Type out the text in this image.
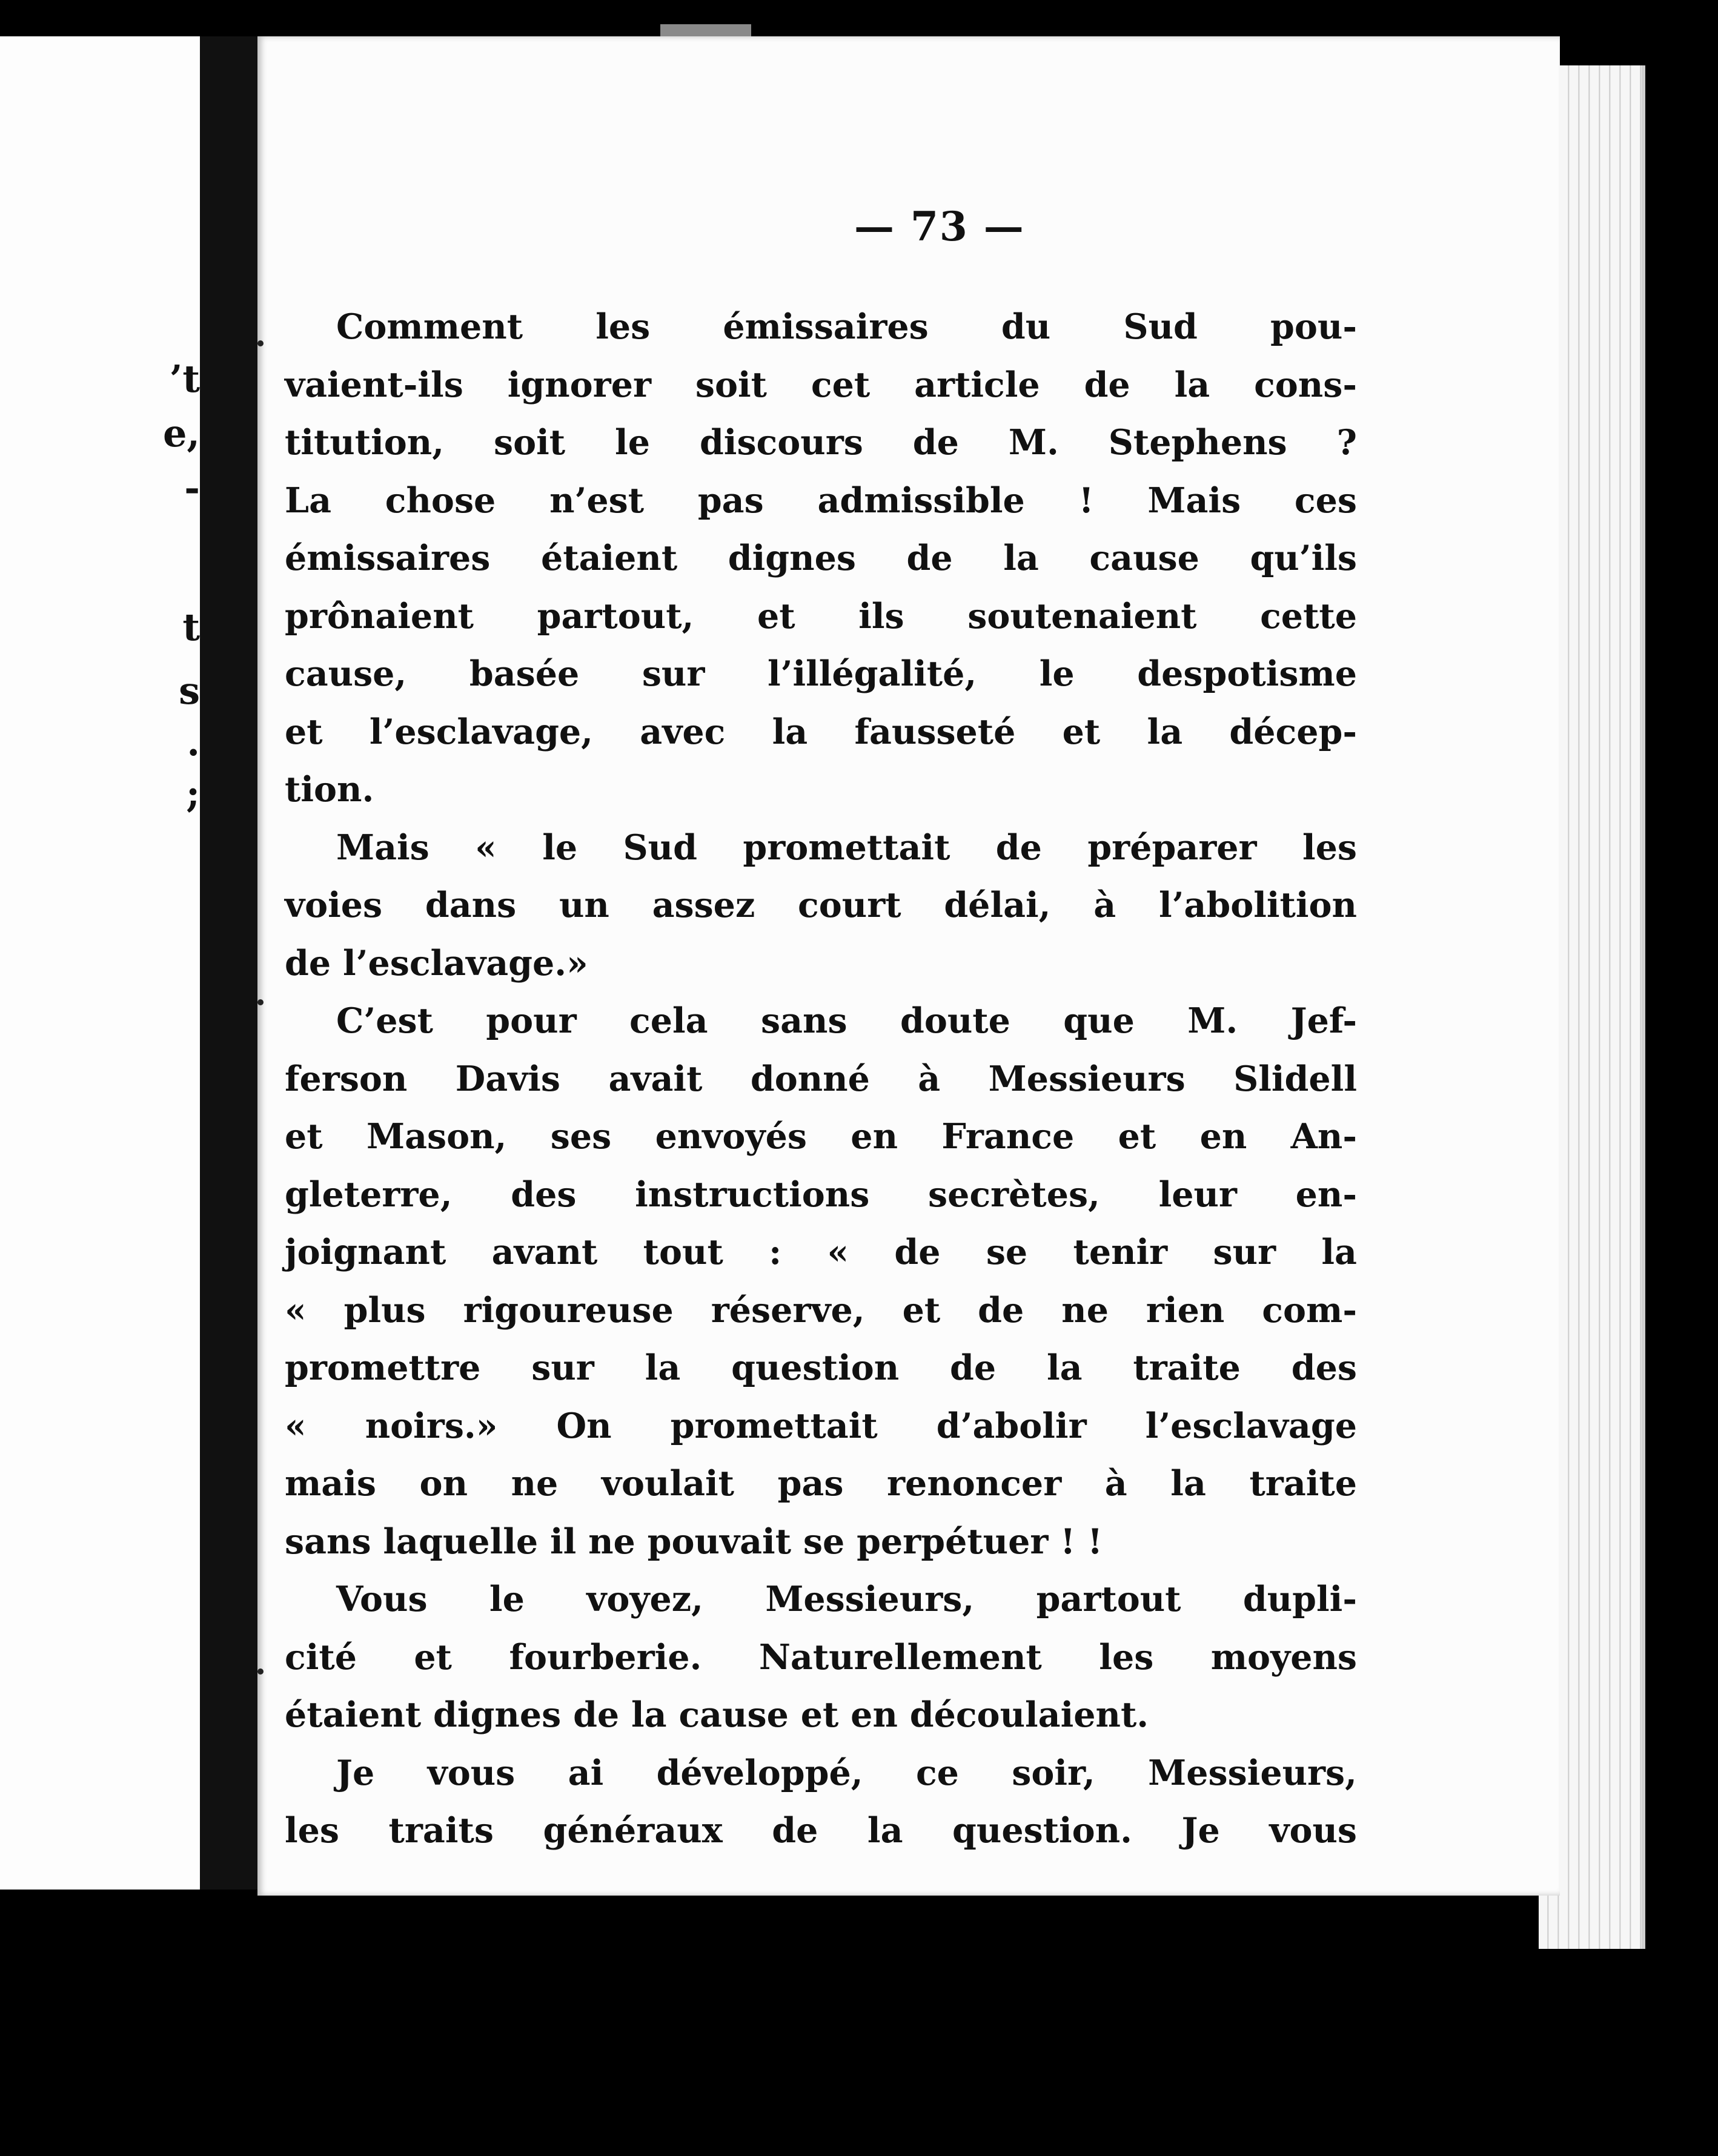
’t
e,
-
t
s
.
;
— 73 —
Comment les émissaires du Sud pou-
vaient-ils ignorer soit cet article de la cons-
titution, soit le discours de M. Stephens ?
La chose n’est pas admissible ! Mais ces
émissaires étaient dignes de la cause qu’ils
prônaient partout, et ils soutenaient cette
cause, basée sur l’illégalité, le despotisme
et l’esclavage, avec la fausseté et la décep-
tion.
Mais « le Sud promettait de préparer les
voies dans un assez court délai, à l’abolition
de l’esclavage.»
C’est pour cela sans doute que M. Jef-
ferson Davis avait donné à Messieurs Slidell
et Mason, ses envoyés en France et en An-
gleterre, des instructions secrètes, leur en-
joignant avant tout : « de se tenir sur la
« plus rigoureuse réserve, et de ne rien com-
promettre sur la question de la traite des
« noirs.» On promettait d’abolir l’esclavage
mais on ne voulait pas renoncer à la traite
sans laquelle il ne pouvait se perpétuer ! !
Vous le voyez, Messieurs, partout dupli-
cité et fourberie. Naturellement les moyens
étaient dignes de la cause et en découlaient.
Je vous ai développé, ce soir, Messieurs,
les traits généraux de la question. Je vous
